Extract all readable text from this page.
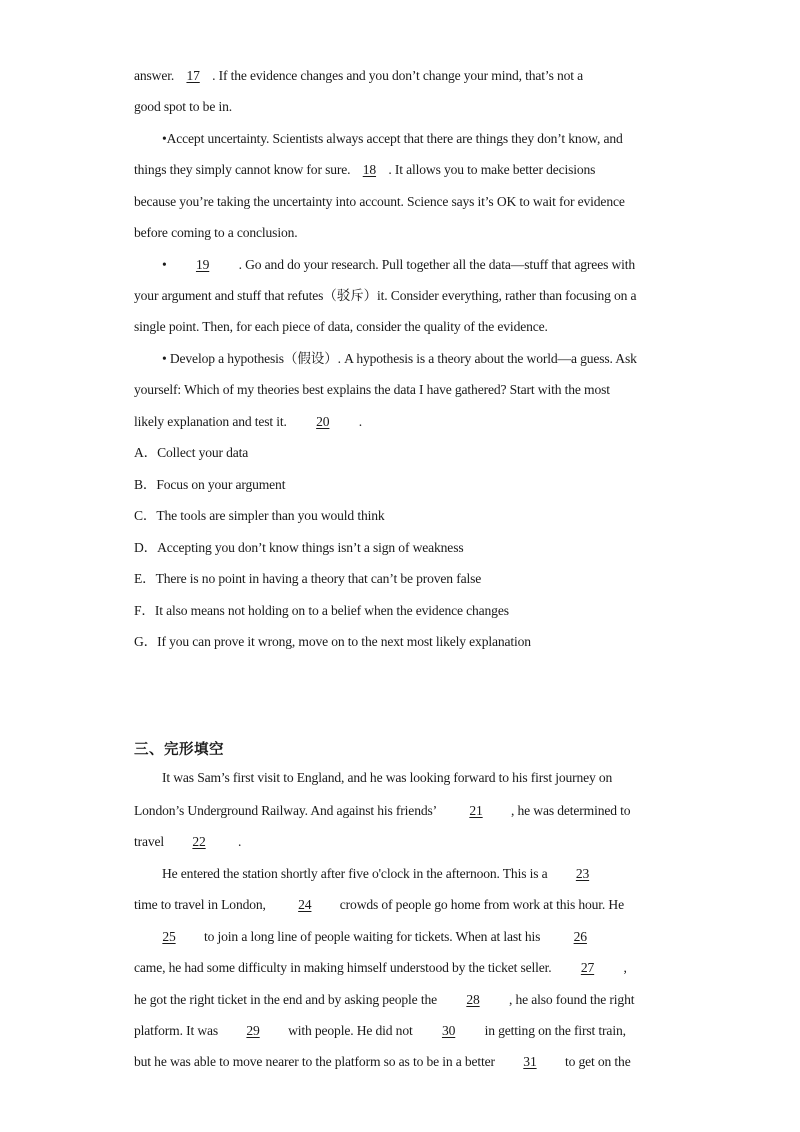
answer. 17 . If the evidence changes and you don’t change your mind, that’s not a
good spot to be in.
•Accept uncertainty. Scientists always accept that there are things they don’t know, and
things they simply cannot know for sure. 18 . It allows you to make better decisions
because you’re taking the uncertainty into account. Science says it’s OK to wait for evidence
before coming to a conclusion.
• 19 . Go and do your research. Pull together all the data—stuff that agrees with
your argument and stuff that refutes（驳斥）it. Consider everything, rather than focusing on a
single point. Then, for each piece of data, consider the quality of the evidence.
• Develop a hypothesis（假设）. A hypothesis is a theory about the world—a guess. Ask
yourself: Which of my theories best explains the data I have gathered? Start with the most
likely explanation and test it. 20 .
A．Collect your data
B．Focus on your argument
C．The tools are simpler than you would think
D．Accepting you don’t know things isn’t a sign of weakness
E．There is no point in having a theory that can’t be proven false
F．It also means not holding on to a belief when the evidence changes
G．If you can prove it wrong, move on to the next most likely explanation
三、完形填空
It was Sam’s first visit to England, and he was looking forward to his first journey on
London’s Underground Railway. And against his friends’ 21 , he was determined to
travel 22 .
He entered the station shortly after five o'clock in the afternoon. This is a 23
time to travel in London, 24 crowds of people go home from work at this hour. He
25 to join a long line of people waiting for tickets. When at last his 26
came, he had some difficulty in making himself understood by the ticket seller. 27 ,
he got the right ticket in the end and by asking people the 28 , he also found the right
platform. It was 29 with people. He did not 30 in getting on the first train,
but he was able to move nearer to the platform so as to be in a better 31 to get on the
